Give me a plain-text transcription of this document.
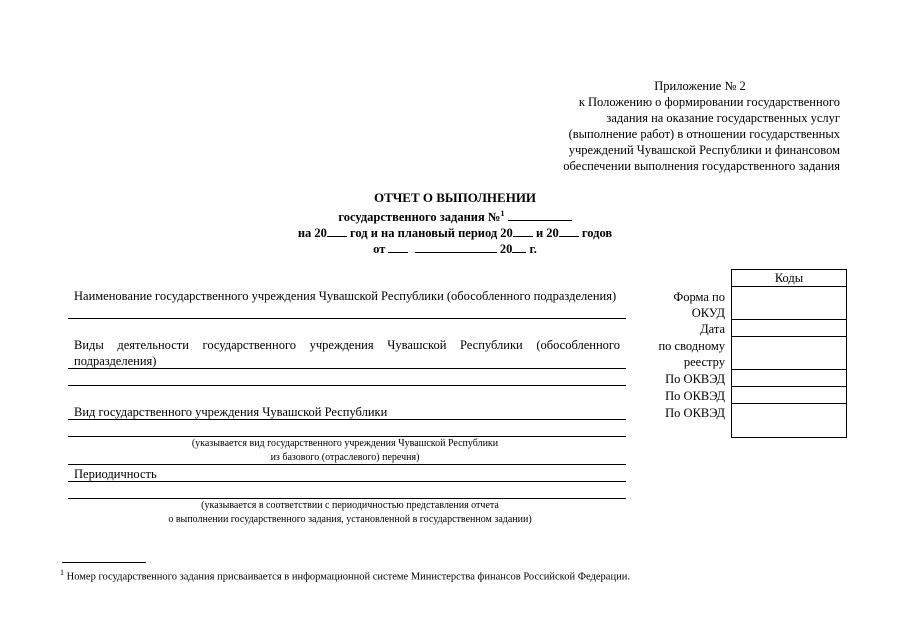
Приложение № 2
к Положению о формировании государственного
задания на оказание государственных услуг
(выполнение работ) в отношении государственных
учреждений Чувашской Республики и финансовом
обеспечении выполнения государственного задания
ОТЧЕТ О ВЫПОЛНЕНИИ
государственного задания №$^1$
на 20 год и на плановый период 20 и 20 годов
от	20 г.
Наименование государственного учреждения Чувашской Республики (обособленного подразделения)
Виды деятельности государственного учреждения Чувашской Республики (обособленного подразделения)
Вид государственного учреждения Чувашской Республики
(указывается вид государственного учреждения Чувашской Республики
из базового (отраслевого) перечня)
Периодичность
(указывается в соответствии с периодичностью представления отчета
о выполнении государственного задания, установленной в государственном задании)
Форма по
ОКУД
Дата
по сводному
реестру
По ОКВЭД
По ОКВЭД
По ОКВЭД
Коды
$^1$ Номер государственного задания присваивается в информационной системе Министерства финансов Российской Федерации.
